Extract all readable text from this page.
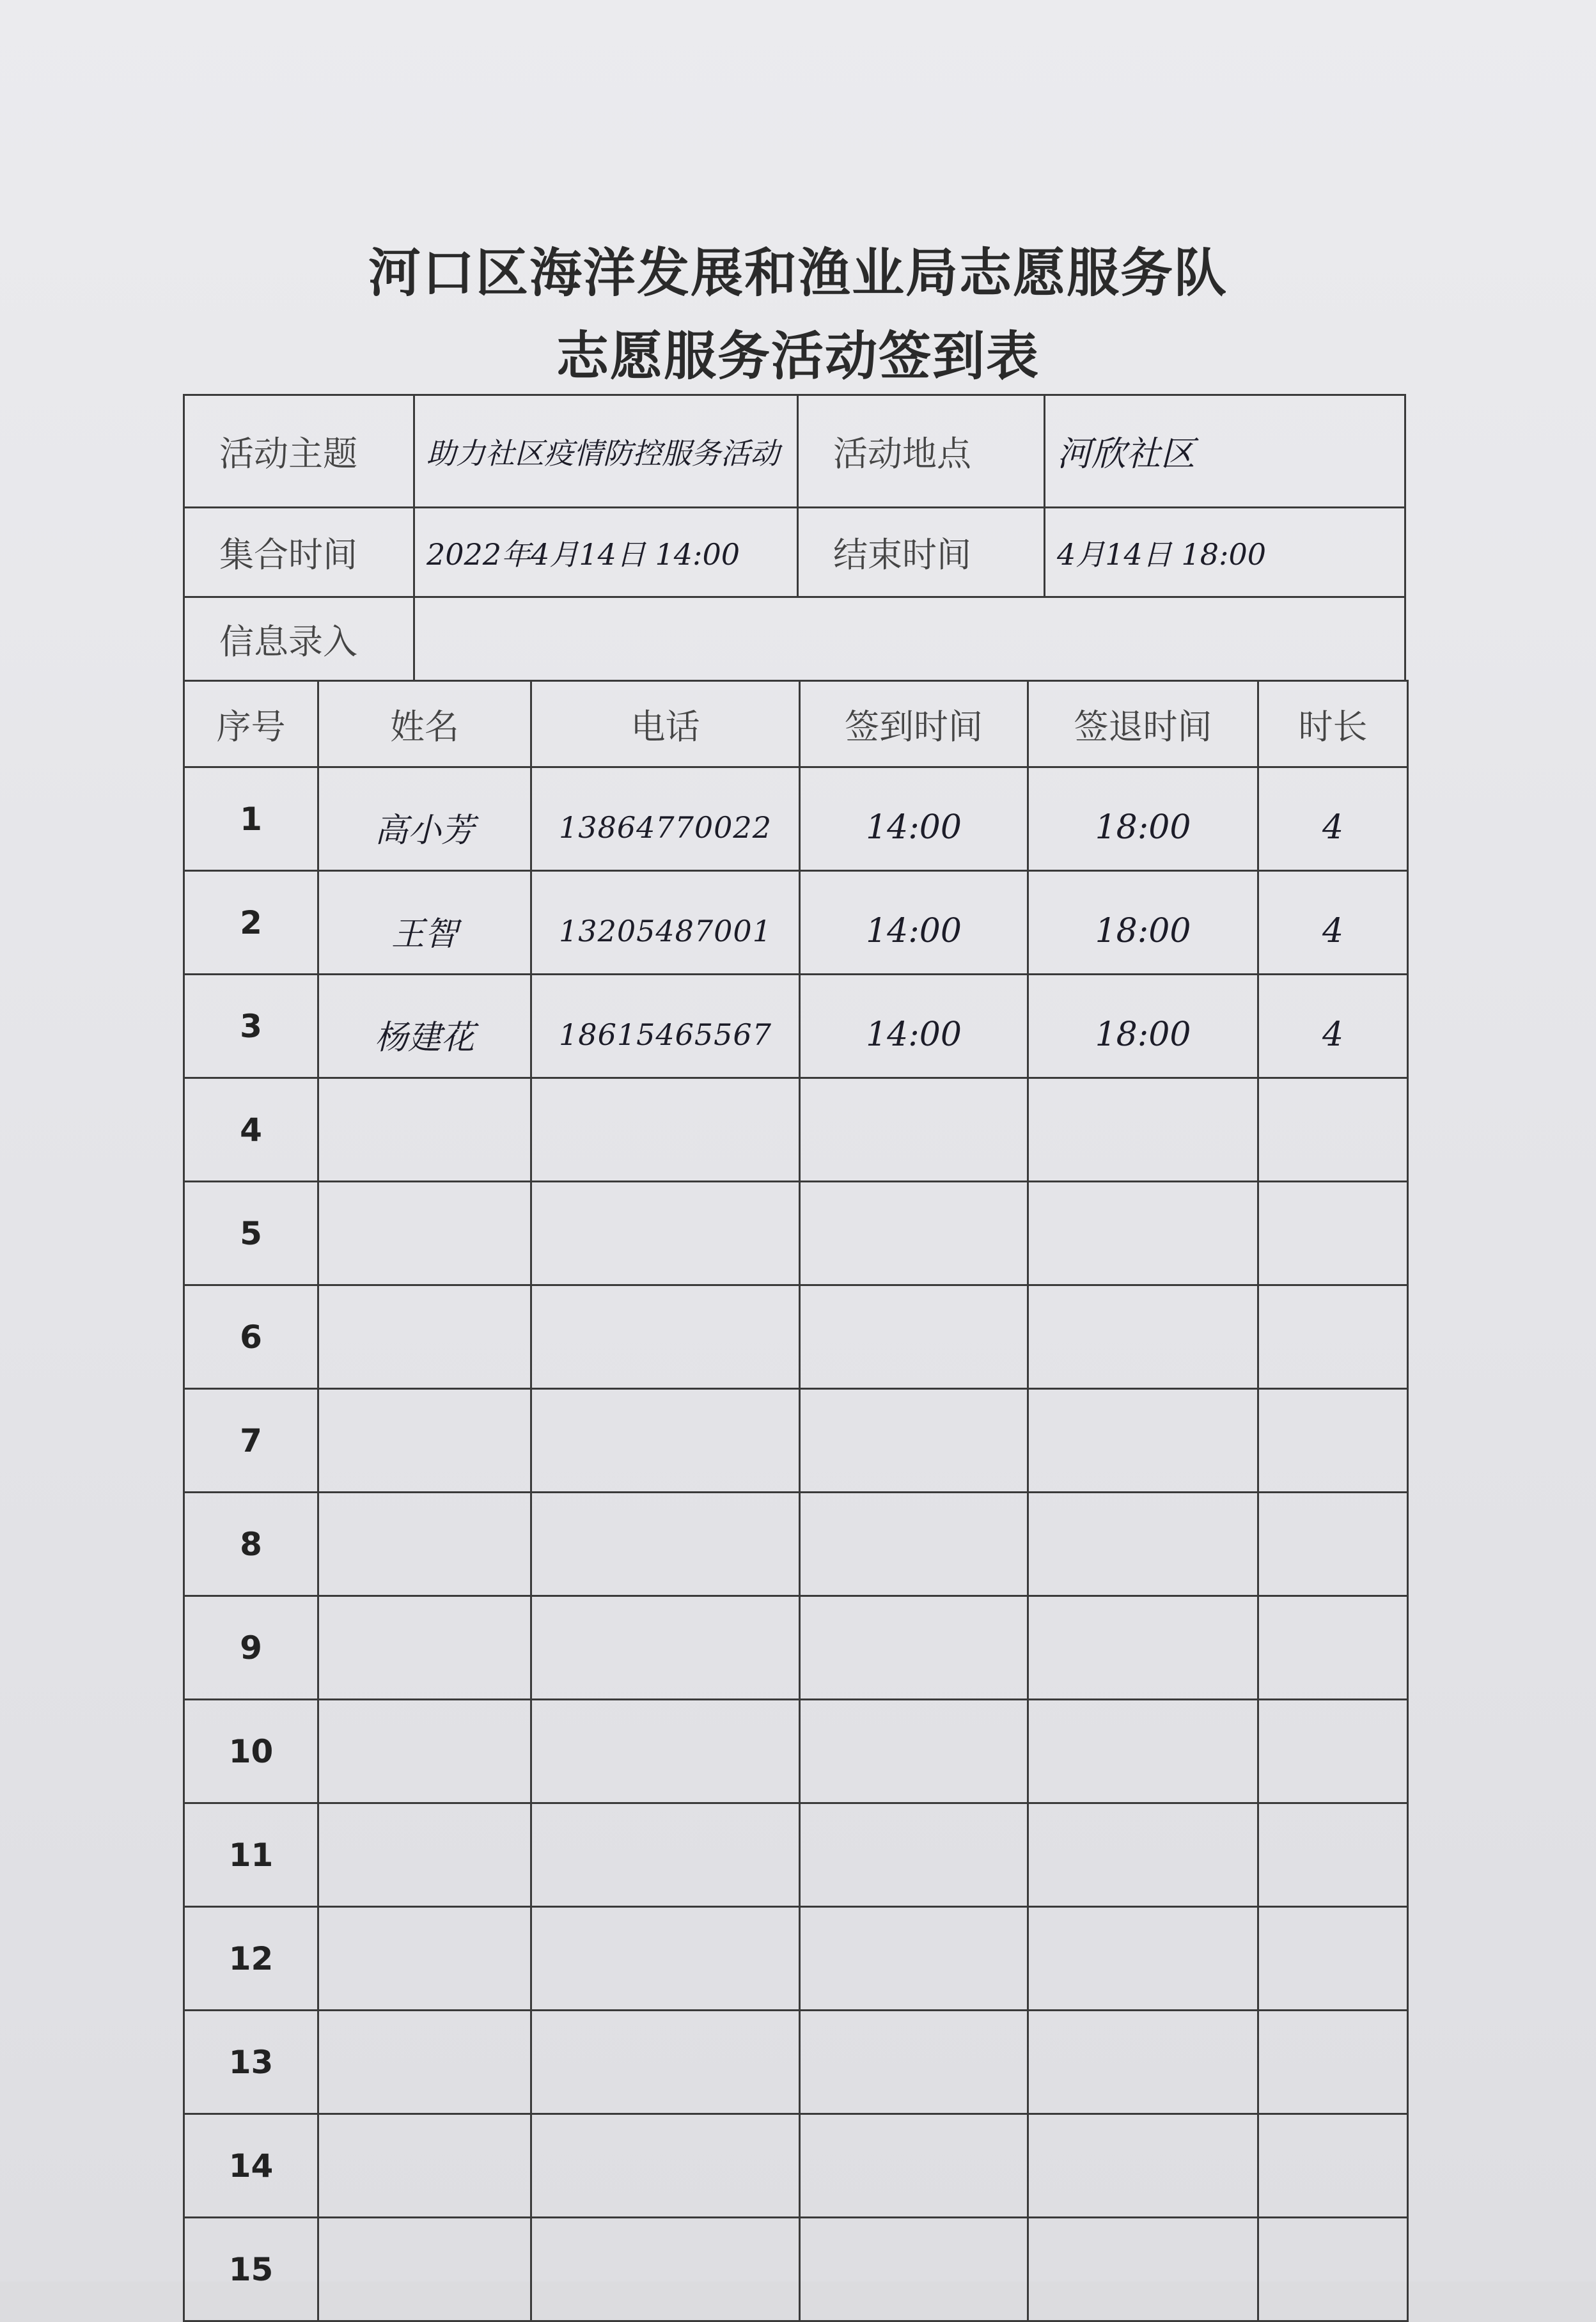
河口区海洋发展和渔业局志愿服务队
志愿服务活动签到表
活动主题	助力社区疫情防控服务活动	活动地点	河欣社区
集合时间	2022年4月14日 14:00	结束时间	4月14日 18:00
信息录入			
序号	姓名	电话	签到时间	签退时间	时长
1	高小芳	13864770022	14:00	18:00	4
2	王智	13205487001	14:00	18:00	4
3	杨建花	18615465567	14:00	18:00	4
4					
5					
6					
7					
8					
9					
10					
11					
12					
13					
14					
15					
